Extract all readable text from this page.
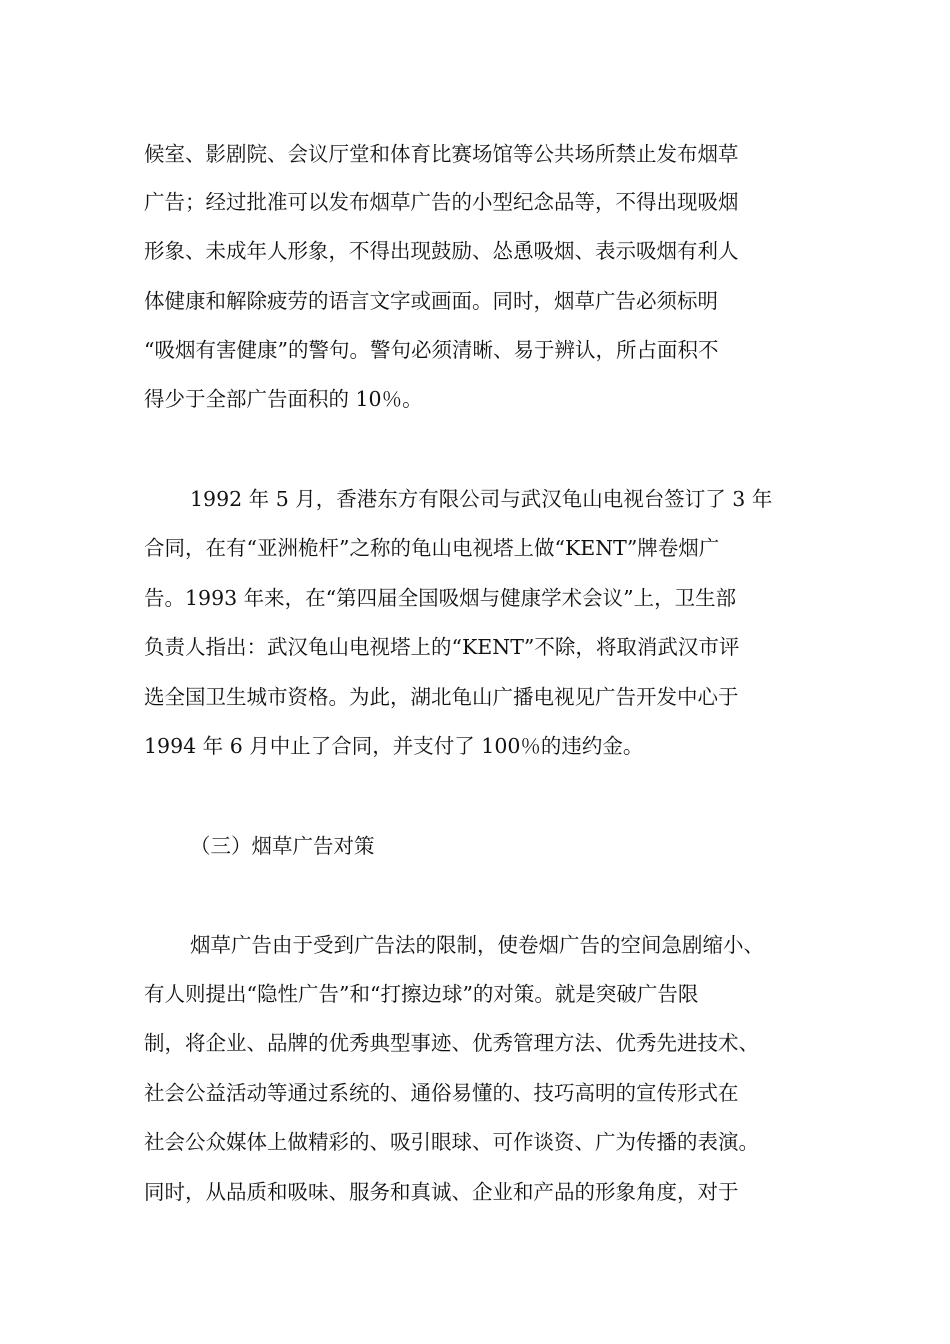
候室、影剧院、会议厅堂和体育比赛场馆等公共场所禁止发布烟草
广告；经过批准可以发布烟草广告的小型纪念品等，不得出现吸烟
形象、未成年人形象，不得出现鼓励、怂恿吸烟、表示吸烟有利人
体健康和解除疲劳的语言文字或画面。同时，烟草广告必须标明
“吸烟有害健康”的警句。警句必须清晰、易于辨认，所占面积不
得少于全部广告面积的 10％。
1992 年 5 月，香港东方有限公司与武汉龟山电视台签订了 3 年
合同，在有“亚洲桅杆”之称的龟山电视塔上做“KENT”牌卷烟广
告。1993 年来，在“第四届全国吸烟与健康学术会议”上，卫生部
负责人指出：武汉龟山电视塔上的“KENT”不除，将取消武汉市评
选全国卫生城市资格。为此，湖北龟山广播电视见广告开发中心于
1994 年 6 月中止了合同，并支付了 100％的违约金。
（三）烟草广告对策
烟草广告由于受到广告法的限制，使卷烟广告的空间急剧缩小、
有人则提出“隐性广告”和“打擦边球”的对策。就是突破广告限
制，将企业、品牌的优秀典型事迹、优秀管理方法、优秀先进技术、
社会公益活动等通过系统的、通俗易懂的、技巧高明的宣传形式在
社会公众媒体上做精彩的、吸引眼球、可作谈资、广为传播的表演。
同时，从品质和吸味、服务和真诚、企业和产品的形象角度，对于
